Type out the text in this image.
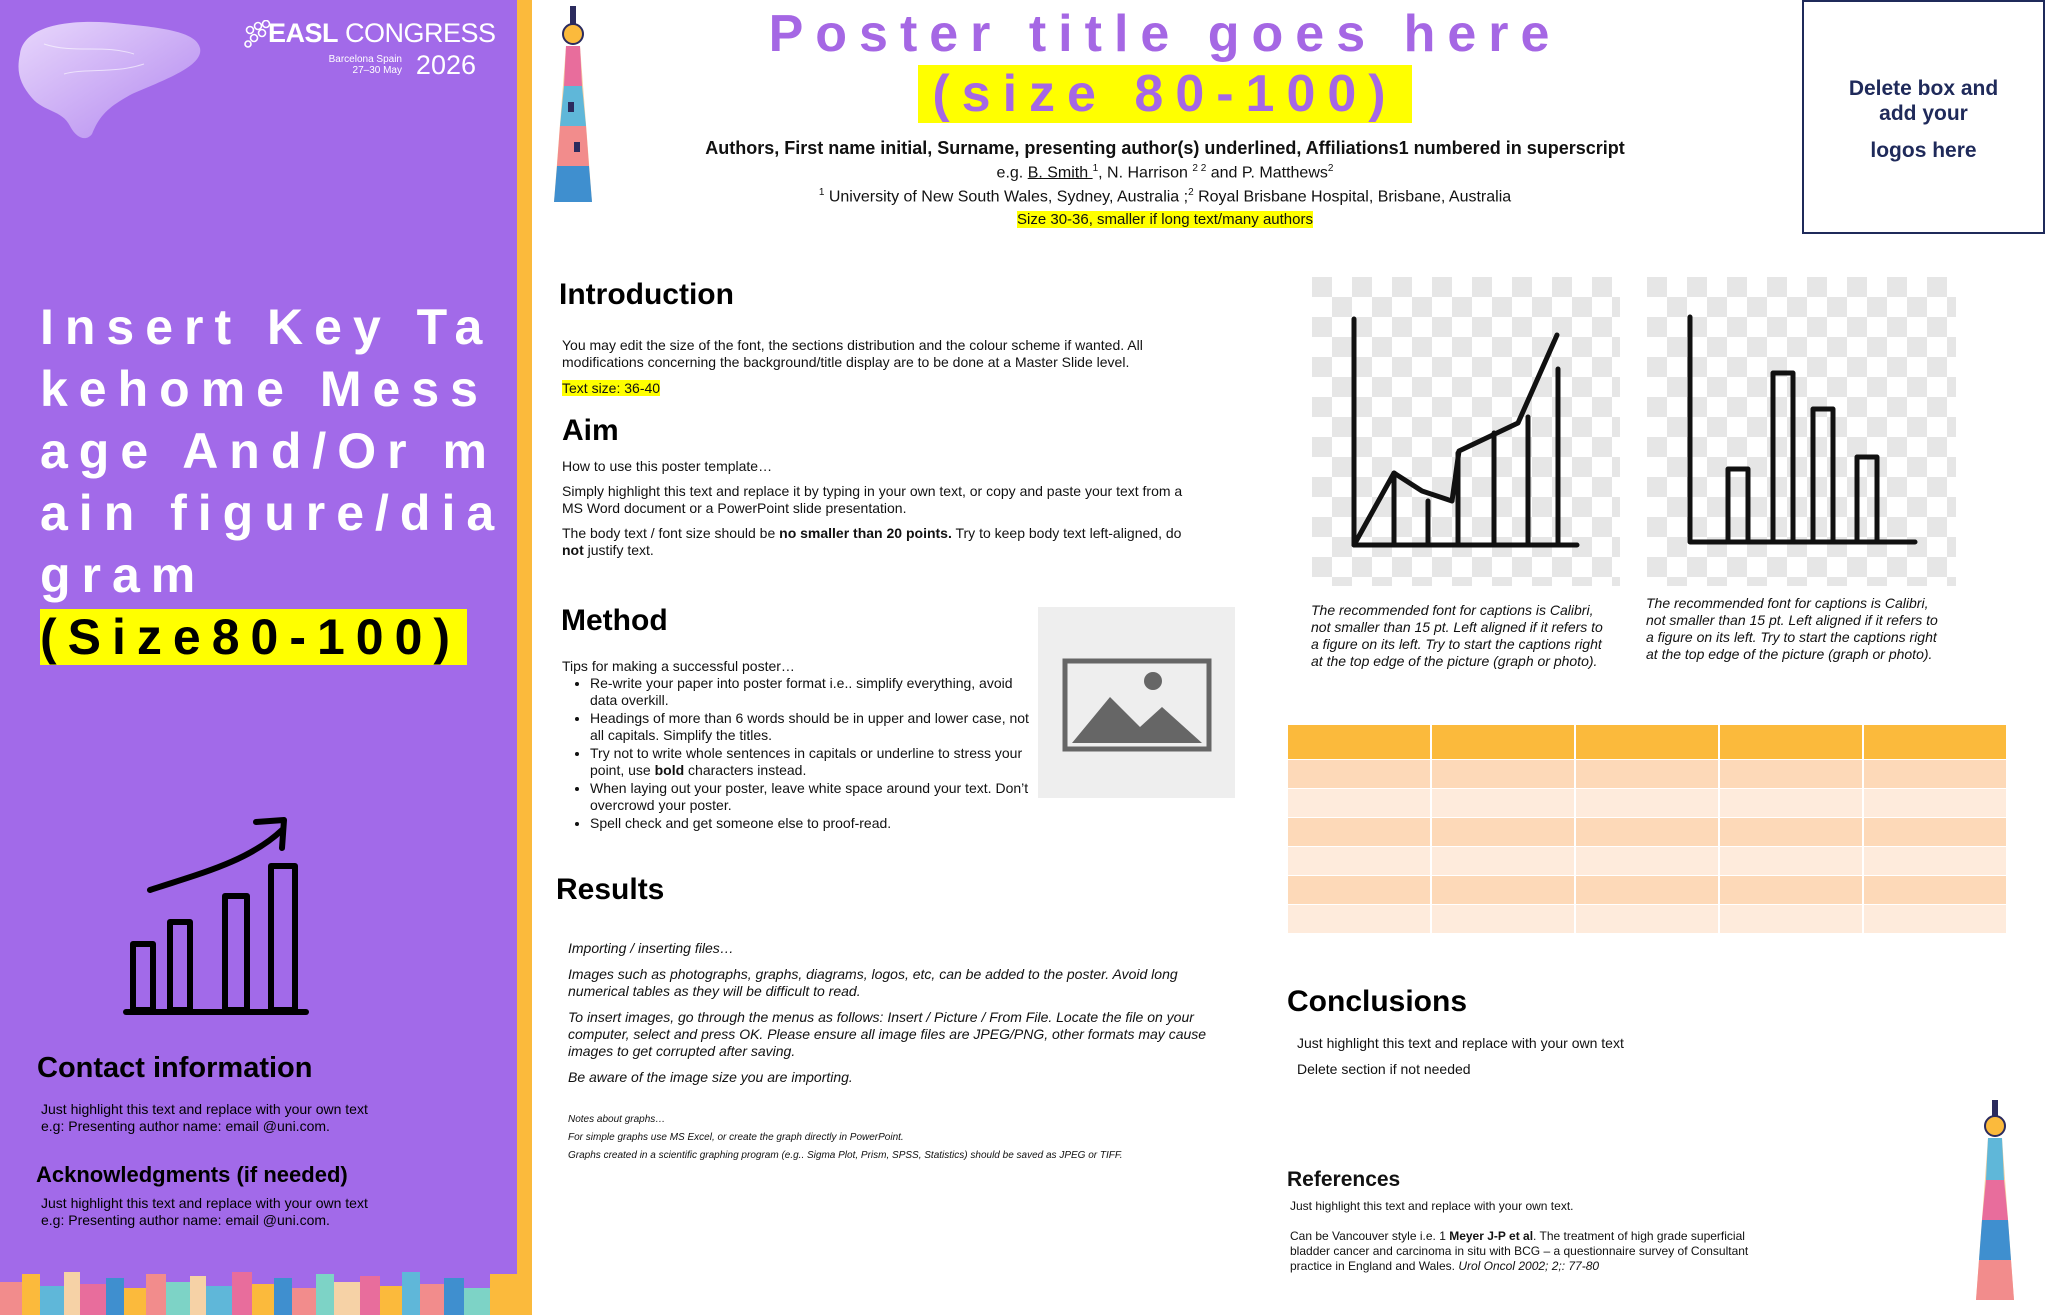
EASL CONGRESS
Barcelona Spain
27–30 May 2026
Insert Key Takehome Message And/Or main figure/diagram
(Size80-100)
Contact information
Just highlight this text and replace with your own text
e.g: Presenting author name: email @uni.com.
Acknowledgments (if needed)
Just highlight this text and replace with your own text
e.g: Presenting author name: email @uni.com.
Poster title goes here
(size 80-100)
Authors, First name initial, Surname, presenting author(s) underlined, Affiliations1 numbered in superscript
e.g. B. Smith $^1$, N. Harrison $^{2 2}$ and P. Matthews$^2$
$^1$ University of New South Wales, Sydney, Australia ;$^2$ Royal Brisbane Hospital, Brisbane, Australia
Size 30-36, smaller if long text/many authors
Delete box and
add your
logos here
Introduction
You may edit the size of the font, the sections distribution and the colour scheme if wanted. All modifications concerning the background/title display are to be done at a Master Slide level.
Text size: 36-40
Aim
How to use this poster template…
Simply highlight this text and replace it by typing in your own text, or copy and paste your text from a MS Word document or a PowerPoint slide presentation.
The body text / font size should be no smaller than 20 points. Try to keep body text left-aligned, do not justify text.
Method
Tips for making a successful poster…
• Re-write your paper into poster format i.e.. simplify everything, avoid data overkill.
• Headings of more than 6 words should be in upper and lower case, not all capitals. Simplify the titles.
• Try not to write whole sentences in capitals or underline to stress your point, use bold characters instead.
• When laying out your poster, leave white space around your text. Don’t overcrowd your poster.
• Spell check and get someone else to proof-read.
Results
Importing / inserting files…
Images such as photographs, graphs, diagrams, logos, etc, can be added to the poster. Avoid long numerical tables as they will be difficult to read.
To insert images, go through the menus as follows: Insert / Picture / From File. Locate the file on your computer, select and press OK. Please ensure all image files are JPEG/PNG, other formats may cause images to get corrupted after saving.
Be aware of the image size you are importing.
Notes about graphs…
For simple graphs use MS Excel, or create the graph directly in PowerPoint.
Graphs created in a scientific graphing program (e.g.. Sigma Plot, Prism, SPSS, Statistics) should be saved as JPEG or TIFF.
The recommended font for captions is Calibri, not smaller than 15 pt. Left aligned if it refers to a figure on its left. Try to start the captions right at the top edge of the picture (graph or photo).
The recommended font for captions is Calibri, not smaller than 15 pt. Left aligned if it refers to a figure on its left. Try to start the captions right at the top edge of the picture (graph or photo).

Conclusions
Just highlight this text and replace with your own text
Delete section if not needed
References
Just highlight this text and replace with your own text.
Can be Vancouver style i.e. 1 Meyer J-P et al. The treatment of high grade superficial bladder cancer and carcinoma in situ with BCG – a questionnaire survey of Consultant practice in England and Wales. Urol Oncol 2002; 2;: 77-80
